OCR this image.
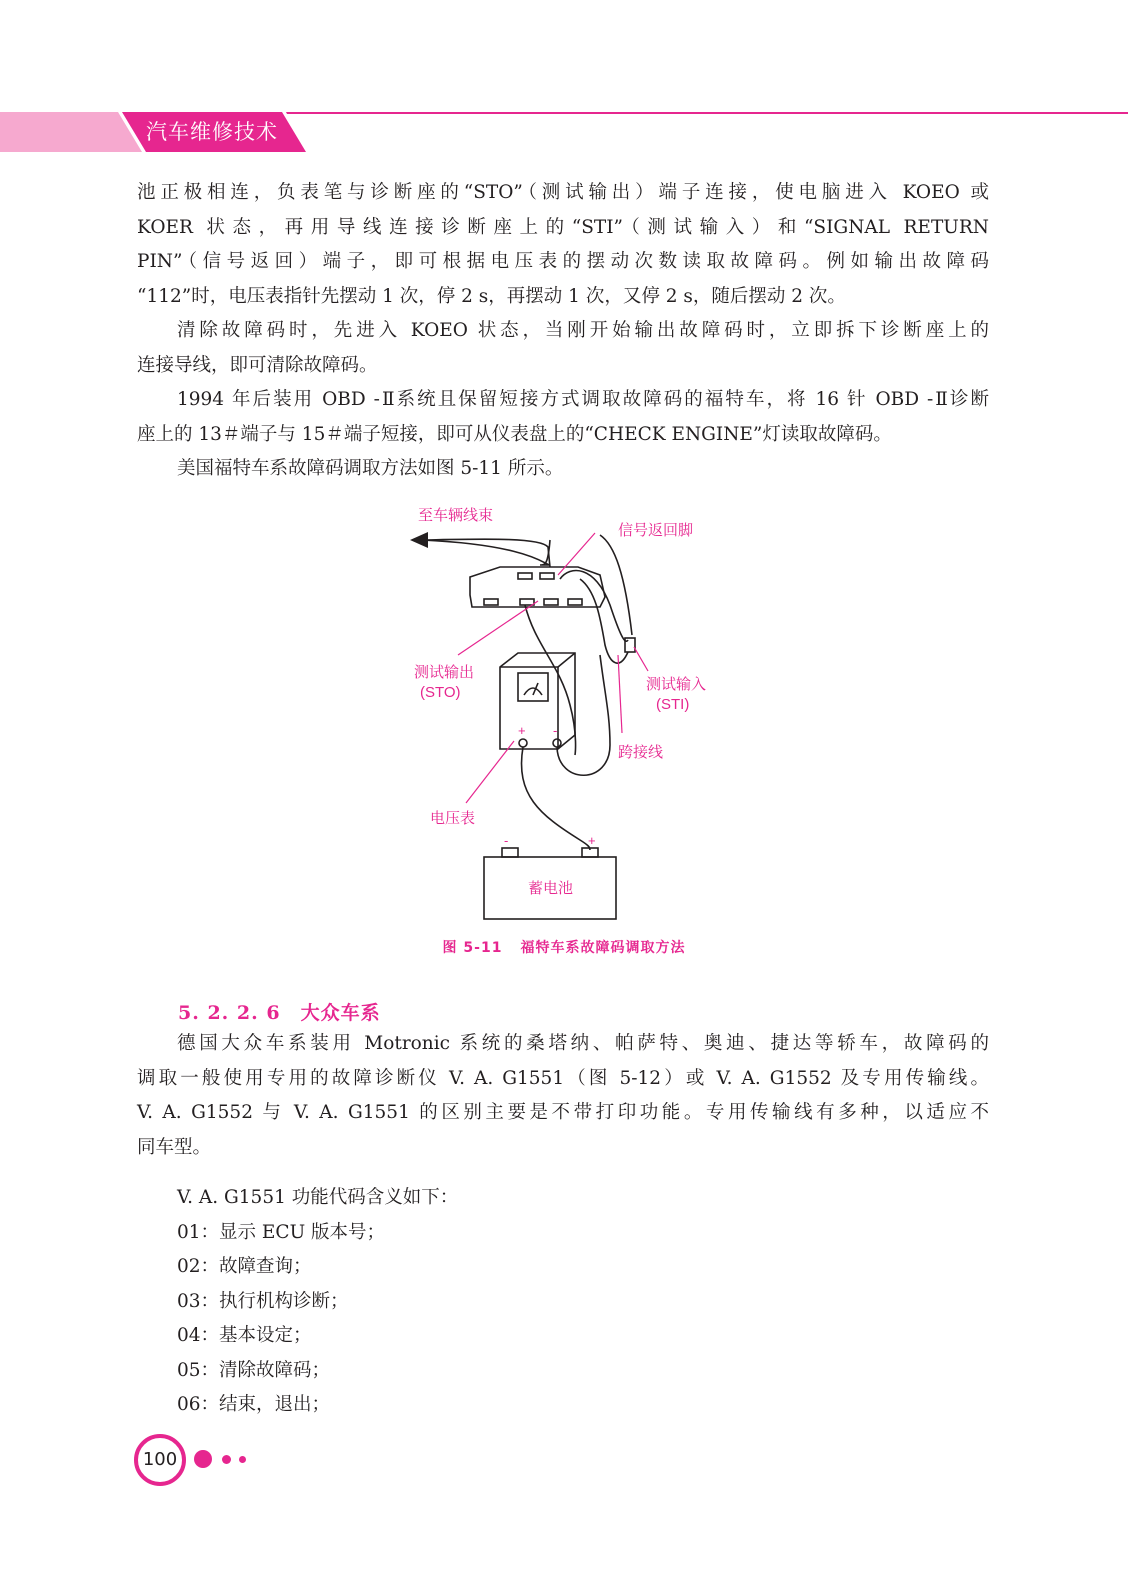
汽车维修技术

池正极相连，负表笔与诊断座的“STO”（测试输出）端子连接，使电脑进入 KOEO 或

KOER 状态，再用导线连接诊断座上的“STI”（测试输入）和“SIGNAL RETURN

PIN”（信号返回）端子，即可根据电压表的摆动次数读取故障码。例如输出故障码

“112”时，电压表指针先摆动 1 次，停 2 s，再摆动 1 次，又停 2 s，随后摆动 2 次。

清除故障码时，先进入 KOEO 状态，当刚开始输出故障码时，立即拆下诊断座上的

连接导线，即可清除故障码。

1994 年后装用 OBD -Ⅱ系统且保留短接方式调取故障码的福特车，将 16 针 OBD -Ⅱ诊断

座上的 13＃端子与 15＃端子短接，即可从仪表盘上的“CHECK ENGINE”灯读取故障码。

美国福特车系故障码调取方法如图 5-11 所示。

至车辆线束
信号返回脚
测试输出
(STO)	测试输入
(STI)
跨接线
电压表
蓄电池
+ -
-	+
图 5-11 福特车系故障码调取方法
5. 2. 2. 6 大众车系

德国大众车系装用 Motronic 系统的桑塔纳、帕萨特、奥迪、捷达等轿车，故障码的

调取一般使用专用的故障诊断仪 V. A. G1551（图 5-12）或 V. A. G1552 及专用传输线。

V. A. G1552 与 V. A. G1551 的区别主要是不带打印功能。专用传输线有多种，以适应不

同车型。

V. A. G1551 功能代码含义如下：

01：显示 ECU 版本号；

02：故障查询；

03：执行机构诊断；

04：基本设定；

05：清除故障码；

06：结束，退出；

100
